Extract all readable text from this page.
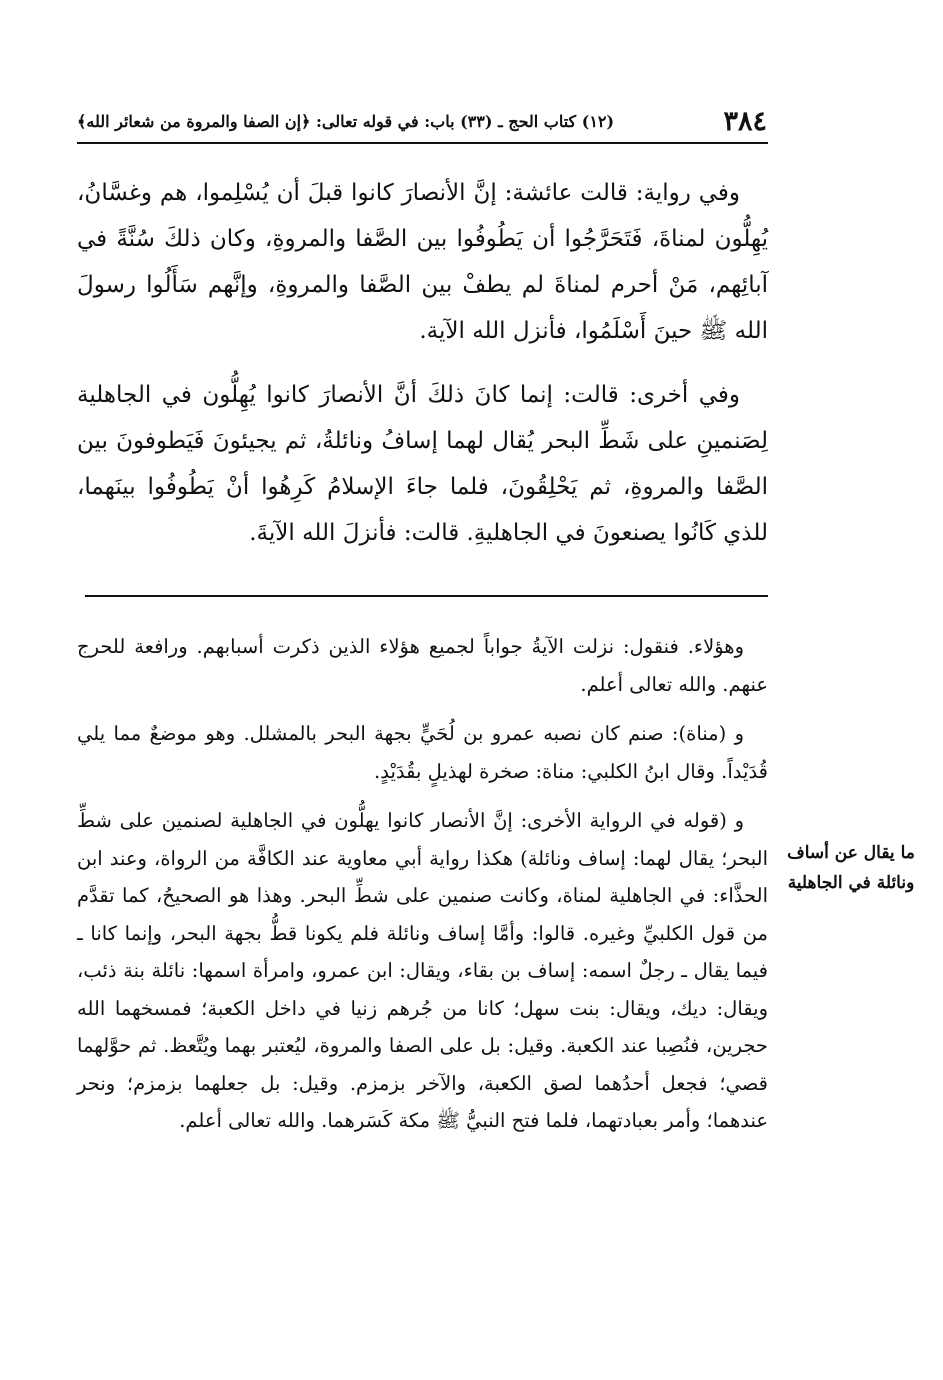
٣٨٤
(١٢) كتاب الحج ـ (٣٣) باب: في قوله تعالى: ﴿إن الصفا والمروة من شعائر الله﴾

وفي رواية: قالت عائشة: إنَّ الأنصارَ كانوا قبلَ أن يُسْلِموا، هم وغسَّانُ، يُهِلُّون لمناةَ، فَتَحَرَّجُوا أن يَطُوفُوا بين الصَّفا والمروةِ، وكان ذلكَ سُنَّةً في آبائِهم، مَنْ أحرم لمناةَ لم يطفْ بين الصَّفا والمروةِ، وإنَّهم سَأَلُوا رسولَ الله ﷺ حينَ أَسْلَمُوا، فأنزل الله الآية.

وفي أخرى: قالت: إنما كانَ ذلكَ أنَّ الأنصارَ كانوا يُهِلُّون في الجاهلية لِصَنمينِ على شَطِّ البحر يُقال لهما إسافُ ونائلةُ، ثم يجيئونَ فَيَطوفونَ بين الصَّفا والمروةِ، ثم يَحْلِقُونَ، فلما جاءَ الإسلامُ كَرِهُوا أنْ يَطُوفُوا بينَهما، للذي كَانُوا يصنعونَ في الجاهليةِ. قالت: فأنزلَ الله الآيةَ.

وهؤلاء. فنقول: نزلت الآيةُ جواباً لجميع هؤلاء الذين ذكرت أسبابهم. ورافعة للحرج عنهم. والله تعالى أعلم.

و (مناة): صنم كان نصبه عمرو بن لُحَيٍّ بجهة البحر بالمشلل. وهو موضعٌ مما يلي قُدَيْداً. وقال ابنُ الكلبي: مناة: صخرة لهذيلٍ بقُدَيْدٍ.

و (قوله في الرواية الأخرى: إنَّ الأنصار كانوا يهلُّون في الجاهلية لصنمين على شطِّ البحر؛ يقال لهما: إساف ونائلة) هكذا رواية أبي معاوية عند الكافَّة من الرواة، وعند ابن الحذَّاء: في الجاهلية لمناة، وكانت صنمين على شطِّ البحر. وهذا هو الصحيحُ، كما تقدَّم من قول الكلبيِّ وغيره. قالوا: وأمَّا إساف ونائلة فلم يكونا قطُّ بجهة البحر، وإنما كانا ـ فيما يقال ـ رجلٌ اسمه: إساف بن بقاء، ويقال: ابن عمرو، وامرأة اسمها: نائلة بنة ذئب، ويقال: ديك، ويقال: بنت سهل؛ كانا من جُرهم زنيا في داخل الكعبة؛ فمسخهما الله حجرين، فنُصِبا عند الكعبة. وقيل: بل على الصفا والمروة، ليُعتبر بهما ويُتَّعظ. ثم حوَّلهما قصي؛ فجعل أحدُهما لصق الكعبة، والآخر بزمزم. وقيل: بل جعلهما بزمزم؛ ونحر عندهما؛ وأمر بعبادتهما، فلما فتح النبيُّ ﷺ مكة كَسَرهما. والله تعالى أعلم.

ما يقال عن أساف ونائلة في الجاهلية
